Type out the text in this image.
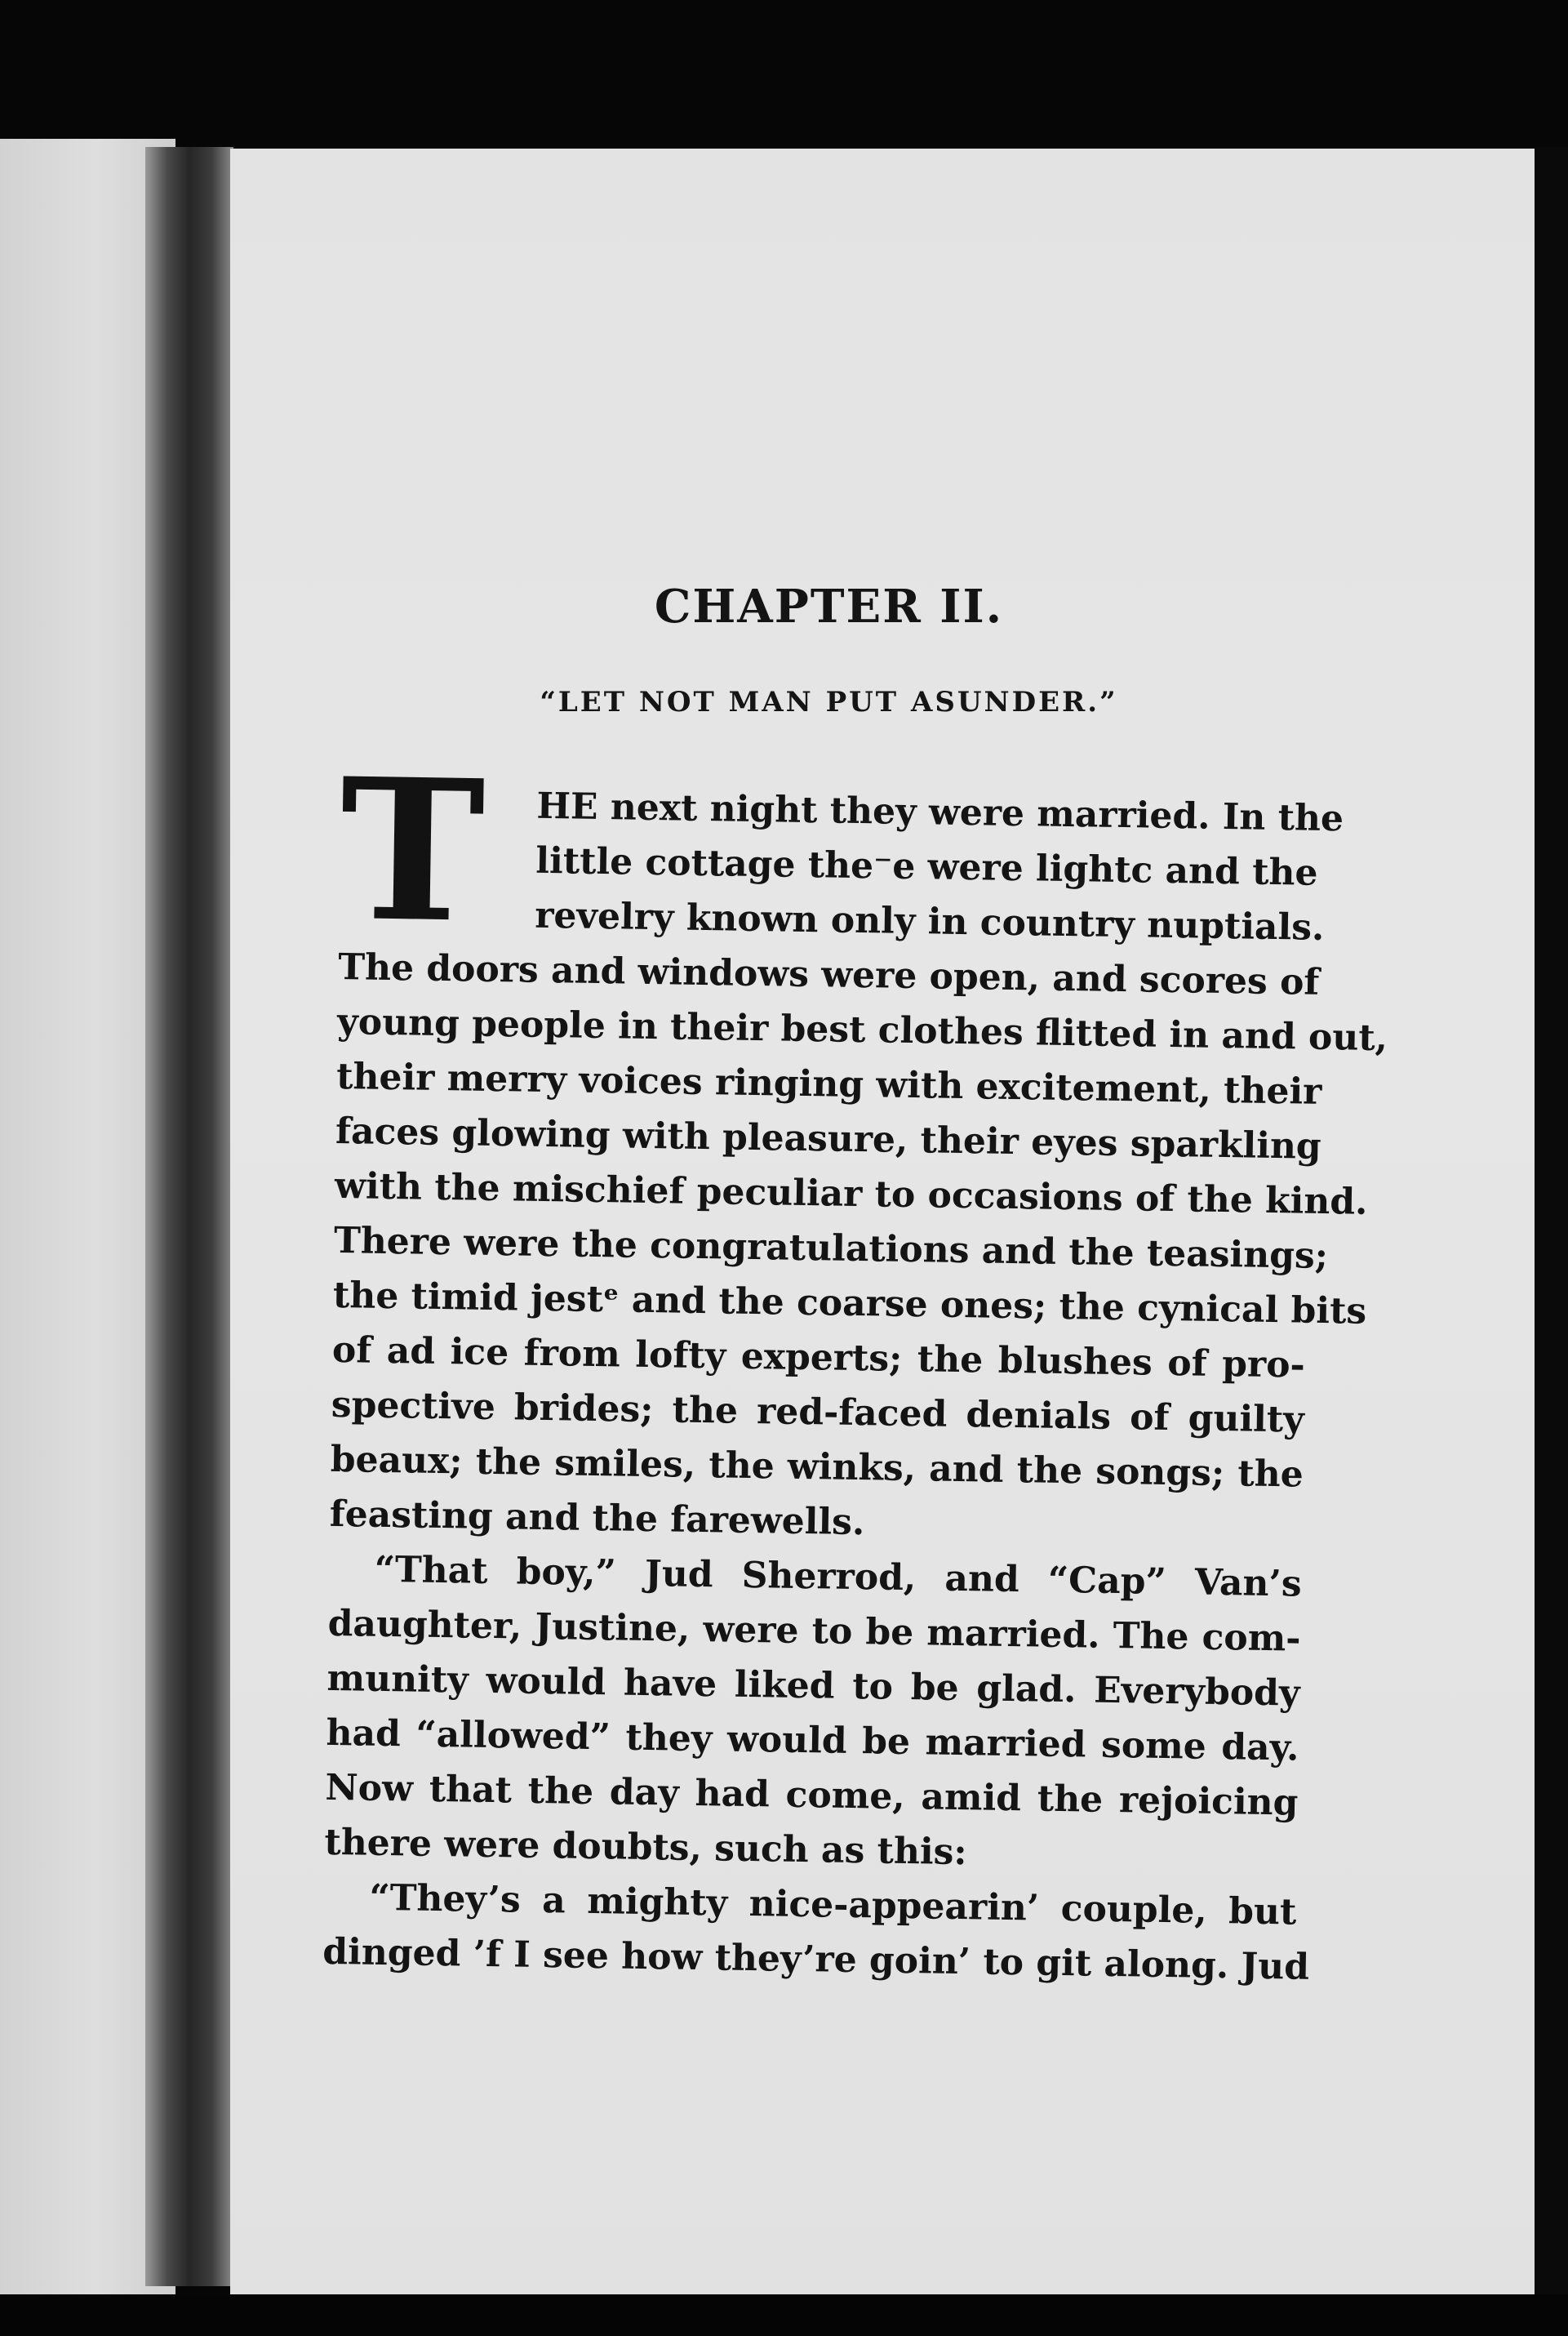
CHAPTER II.
“LET NOT MAN PUT ASUNDER.”
T HE next night they were married. In the
little cottage the⁻e were lightc and the
revelry known only in country nuptials.
The doors and windows were open, and scores of
young people in their best clothes flitted in and out,
their merry voices ringing with excitement, their
faces glowing with pleasure, their eyes sparkling
with the mischief peculiar to occasions of the kind.
There were the congratulations and the teasings;
the timid jestᵉ and the coarse ones; the cynical bits
of ad ice from lofty experts; the blushes of pro-
spective brides; the red-faced denials of guilty
beaux; the smiles, the winks, and the songs; the
feasting and the farewells.
“That boy,” Jud Sherrod, and “Cap” Van’s
daughter, Justine, were to be married. The com-
munity would have liked to be glad. Everybody
had “allowed” they would be married some day.
Now that the day had come, amid the rejoicing
there were doubts, such as this:
“They’s a mighty nice-appearin’ couple, but
dinged ’f I see how they’re goin’ to git along. Jud
